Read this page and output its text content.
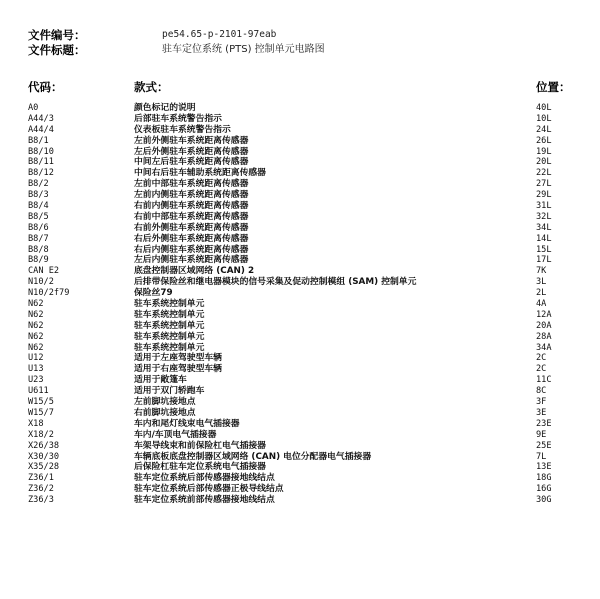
文件编号：	pe54.65-p-2101-97eab
文件标题：	驻车定位系统 (PTS) 控制单元电路图
代码：	款式：	位置：
A0	颜色标记的说明	40L
A44/3	后部驻车系统警告指示	10L
A44/4	仪表板驻车系统警告指示	24L
B8/1	左前外侧驻车系统距离传感器	26L
B8/10	左后外侧驻车系统距离传感器	19L
B8/11	中间左后驻车系统距离传感器	20L
B8/12	中间右后驻车辅助系统距离传感器	22L
B8/2	左前中部驻车系统距离传感器	27L
B8/3	左前内侧驻车系统距离传感器	29L
B8/4	右前内侧驻车系统距离传感器	31L
B8/5	右前中部驻车系统距离传感器	32L
B8/6	右前外侧驻车系统距离传感器	34L
B8/7	右后外侧驻车系统距离传感器	14L
B8/8	右后内侧驻车系统距离传感器	15L
B8/9	左后内侧驻车系统距离传感器	17L
CAN E2	底盘控制器区域网络 (CAN) 2	7K
N10/2	后排带保险丝和继电器模块的信号采集及促动控制模组 (SAM) 控制单元	3L
N10/2f79	保险丝79	2L
N62	驻车系统控制单元	4A
N62	驻车系统控制单元	12A
N62	驻车系统控制单元	20A
N62	驻车系统控制单元	28A
N62	驻车系统控制单元	34A
U12	适用于左座驾驶型车辆	2C
U13	适用于右座驾驶型车辆	2C
U23	适用于敞篷车	11C
U611	适用于双门轿跑车	8C
W15/5	左前脚坑接地点	3F
W15/7	右前脚坑接地点	3E
X18	车内和尾灯线束电气插接器	23E
X18/2	车内/车顶电气插接器	9E
X26/38	车架导线束和前保险杠电气插接器	25E
X30/30	车辆底板底盘控制器区域网络 (CAN) 电位分配器电气插接器	7L
X35/28	后保险杠驻车定位系统电气插接器	13E
Z36/1	驻车定位系统后部传感器接地线结点	18G
Z36/2	驻车定位系统后部传感器正极导线结点	16G
Z36/3	驻车定位系统前部传感器接地线结点	30G
